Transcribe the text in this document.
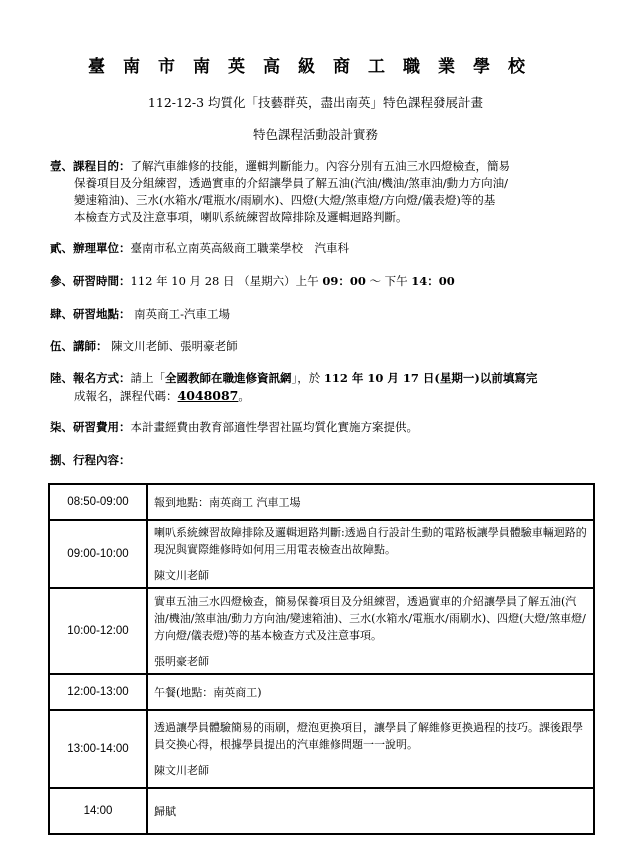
臺南市南英高級商工職業學校
112-12-3 均質化「技藝群英，盡出南英」特色課程發展計畫
特色課程活動設計實務
壹、課程目的：了解汽車維修的技能，邏輯判斷能力。內容分別有五油三水四燈檢查，簡易
保養項目及分組練習，透過實車的介紹讓學員了解五油(汽油/機油/煞車油/動力方向油/
變速箱油)、三水(水箱水/電瓶水/雨刷水)、四燈(大燈/煞車燈/方向燈/儀表燈)等的基
本檢查方式及注意事項，喇叭系統練習故障排除及邏輯迴路判斷。
貳、辦理單位：臺南市私立南英高級商工職業學校　汽車科
參、研習時間：112 年 10 月 28 日 （星期六）上午 09：00 ～ 下午 14：00
肆、研習地點： 南英商工-汽車工場
伍、講師： 陳文川老師、張明豪老師
陸、報名方式：請上「全國教師在職進修資訊網」，於 112 年 10 月 17 日(星期一)以前填寫完
成報名，課程代碼：4048087。
柒、研習費用：本計畫經費由教育部適性學習社區均質化實施方案提供。
捌、行程內容：
08:50-09:00	報到地點：南英商工 汽車工場
09:00-10:00	喇叭系統練習故障排除及邏輯迴路判斷:透過自行設計生動的電路板讓學員體驗車輛迴路的現況與實際維修時如何用三用電表檢查出故障點。
陳文川老師

10:00-12:00	實車五油三水四燈檢查，簡易保養項目及分組練習，透過實車的介紹讓學員了解五油(汽油/機油/煞車油/動力方向油/變速箱油)、三水(水箱水/電瓶水/雨刷水)、四燈(大燈/煞車燈/方向燈/儀表燈)等的基本檢查方式及注意事項。
張明豪老師

12:00-13:00	午餐(地點：南英商工)
13:00-14:00	透過讓學員體驗簡易的雨刷，燈泡更換項目，讓學員了解維修更換過程的技巧。課後跟學員交換心得，根據學員提出的汽車維修問題一一說明。
陳文川老師

14:00	歸賦
